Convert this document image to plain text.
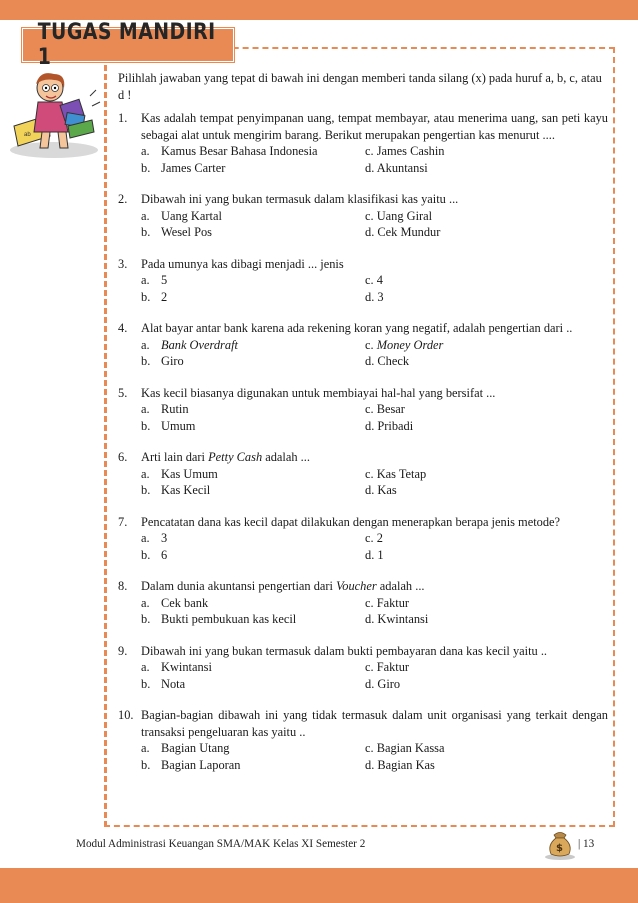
TUGAS MANDIRI 1
ab
Pilihlah jawaban yang tepat di bawah ini dengan memberi tanda silang (x) pada huruf a, b, c, atau d !
1. Kas adalah tempat penyimpanan uang, tempat membayar, atau menerima uang, san peti kayu sebagai alat untuk mengirim barang. Berikut merupakan pengertian kas menurut ....
a. Kamus Besar Bahasa Indonesia	c. James Cashin
b. James Carter	d. Akuntansi
2. Dibawah ini yang bukan termasuk dalam klasifikasi kas yaitu ...
a. Uang Kartal	c. Uang Giral
b. Wesel Pos	d. Cek Mundur
3. Pada umunya kas dibagi menjadi ... jenis
a. 5	c. 4
b. 2	d. 3
4. Alat bayar antar bank karena ada rekening koran yang negatif, adalah pengertian dari ..
a. Bank Overdraft	c. Money Order
b. Giro	d. Check
5. Kas kecil biasanya digunakan untuk membiayai hal-hal yang bersifat ...
a. Rutin	c. Besar
b. Umum	d. Pribadi
6. Arti lain dari Petty Cash adalah ...
a. Kas Umum	c. Kas Tetap
b. Kas Kecil	d. Kas
7. Pencatatan dana kas kecil dapat dilakukan dengan menerapkan berapa jenis metode?
a. 3	c. 2
b. 6	d. 1
8. Dalam dunia akuntansi pengertian dari Voucher adalah ...
a. Cek bank	c. Faktur
b. Bukti pembukuan kas kecil	d. Kwintansi
9. Dibawah ini yang bukan termasuk dalam bukti pembayaran dana kas kecil yaitu ..
a. Kwintansi	c. Faktur
b. Nota	d. Giro
10. Bagian-bagian dibawah ini yang tidak termasuk dalam unit organisasi yang terkait dengan transaksi pengeluaran kas yaitu ..
a. Bagian Utang	c. Bagian Kassa
b. Bagian Laporan	d. Bagian Kas
Modul Administrasi Keuangan SMA/MAK Kelas XI Semester 2	$ | 13
